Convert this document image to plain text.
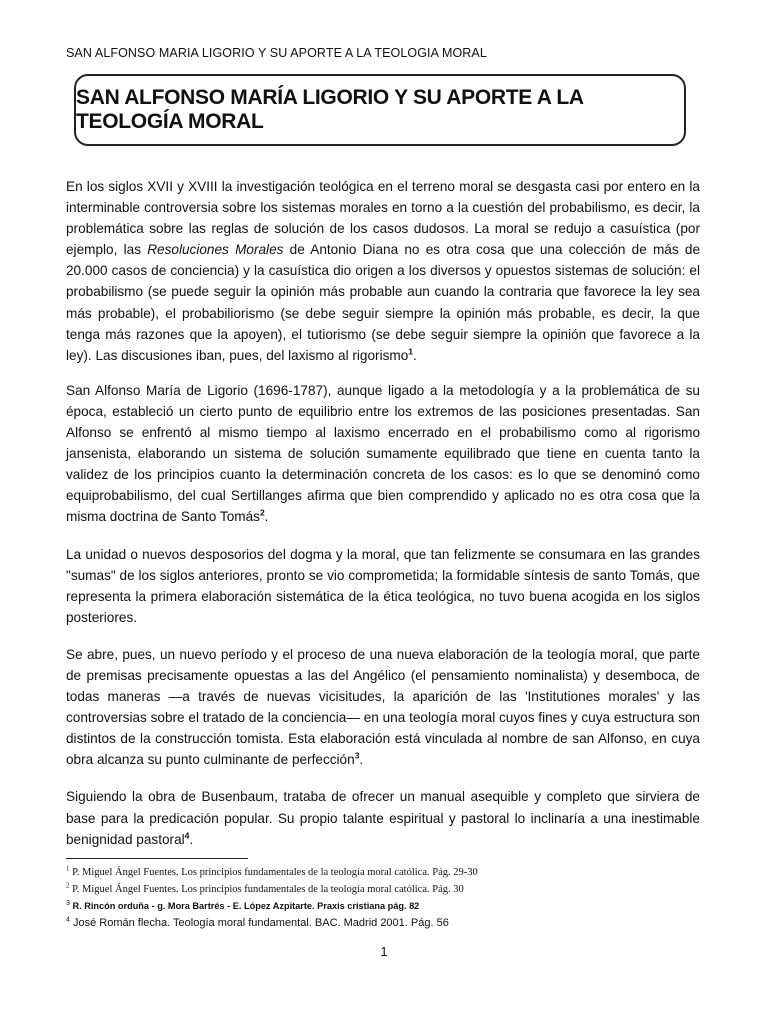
SAN ALFONSO MARIA LIGORIO Y SU APORTE A LA TEOLOGIA MORAL
SAN ALFONSO MARÍA LIGORIO Y SU APORTE A LA TEOLOGÍA MORAL

En los siglos XVII y XVIII la investigación teológica en el terreno moral se desgasta casi por entero en la interminable controversia sobre los sistemas morales en torno a la cuestión del probabilismo, es decir, la problemática sobre las reglas de solución de los casos dudosos. La moral se redujo a casuística (por ejemplo, las Resoluciones Morales de Antonio Diana no es otra cosa que una colección de más de 20.000 casos de conciencia) y la casuística dio origen a los diversos y opuestos sistemas de solución: el probabilismo (se puede seguir la opinión más probable aun cuando la contraria que favorece la ley sea más probable), el probabiliorismo (se debe seguir siempre la opinión más probable, es decir, la que tenga más razones que la apoyen), el tutiorismo (se debe seguir siempre la opinión que favorece a la ley). Las discusiones iban, pues, del laxismo al rigorismo$^1$.

San Alfonso María de Ligorio (1696-1787), aunque ligado a la metodología y a la problemática de su época, estableció un cierto punto de equilibrio entre los extremos de las posiciones presentadas. San Alfonso se enfrentó al mismo tiempo al laxismo encerrado en el probabilismo como al rigorismo jansenista, elaborando un sistema de solución sumamente equilibrado que tiene en cuenta tanto la validez de los principios cuanto la determinación concreta de los casos: es lo que se denominó como equiprobabilismo, del cual Sertillanges afirma que bien comprendido y aplicado no es otra cosa que la misma doctrina de Santo Tomás$^2$.

La unidad o nuevos desposorios del dogma y la moral, que tan felizmente se consumara en las grandes "sumas" de los siglos anteriores, pronto se vio comprometida; la formidable síntesis de santo Tomás, que representa la primera elaboración sistemática de la ética teológica, no tuvo buena acogida en los siglos posteriores.

Se abre, pues, un nuevo período y el proceso de una nueva elaboración de la teología moral, que parte de premisas precisamente opuestas a las del Angélico (el pensamiento nominalista) y desemboca, de todas maneras —a través de nuevas vicisitudes, la aparición de las 'Institutiones morales' y las controversias sobre el tratado de la conciencia— en una teología moral cuyos fines y cuya estructura son distintos de la construcción tomista. Esta elaboración está vinculada al nombre de san Alfonso, en cuya obra alcanza su punto culminante de perfección$^3$.

Siguiendo la obra de Busenbaum, trataba de ofrecer un manual asequible y completo que sirviera de base para la predicación popular. Su propio talante espiritual y pastoral lo inclinaría a una inestimable benignidad pastoral$^4$.

$^1$ P. Miguel Ángel Fuentes. Los principios fundamentales de la teología moral católica. Pág. 29-30
$^2$ P. Miguel Ángel Fuentes. Los principios fundamentales de la teología moral católica. Pág. 30
$^3$ R. Rincón orduña - g. Mora Bartrés - E. López Azpitarte. Praxis cristiana pág. 82
$^4$ José Román flecha. Teología moral fundamental. BAC. Madrid 2001. Pág. 56
1
